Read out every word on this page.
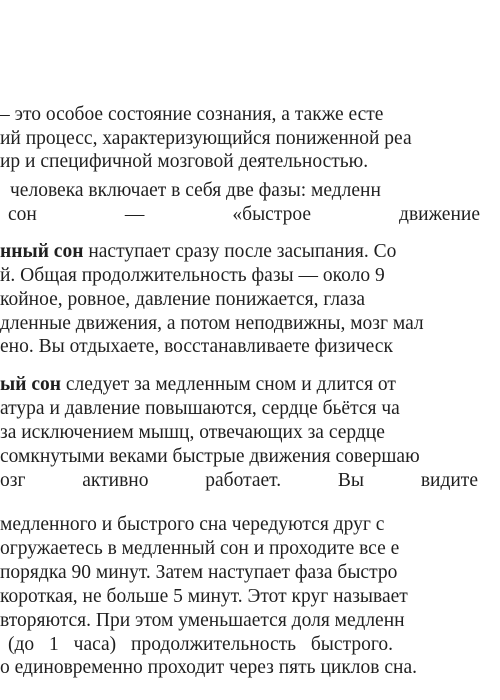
– это особое состояние сознания, а также есте
ий процесс, характеризующийся пониженной реа
ир и специфичной мозговой деятельностью.
человека включает в себя две фазы: медленн
сон	—	«быстрое	движение
нный сон наступает сразу после засыпания. Со
й. Общая продолжительность фазы — около 9
койное, ровное, давление понижается, глаза
дленные движения, а потом неподвижны, мозг мал
ено. Вы отдыхаете, восстанавливаете физическ
ый сон следует за медленным сном и длится от
атура и давление повышаются, сердце бьётся ча
за исключением мышц, отвечающих за сердце
сомкнутыми веками быстрые движения совершаю
озг	активно	работает.	Вы	видите
медленного и быстрого сна чередуются друг с
огружаетесь в медленный сон и проходите все е
порядка 90 минут. Затем наступает фаза быстро
короткая, не больше 5 минут. Этот круг называет
вторяются. При этом уменьшается доля медленн
(до 1 часа) продолжительность быстрого.
о единовременно проходит через пять циклов сна.
